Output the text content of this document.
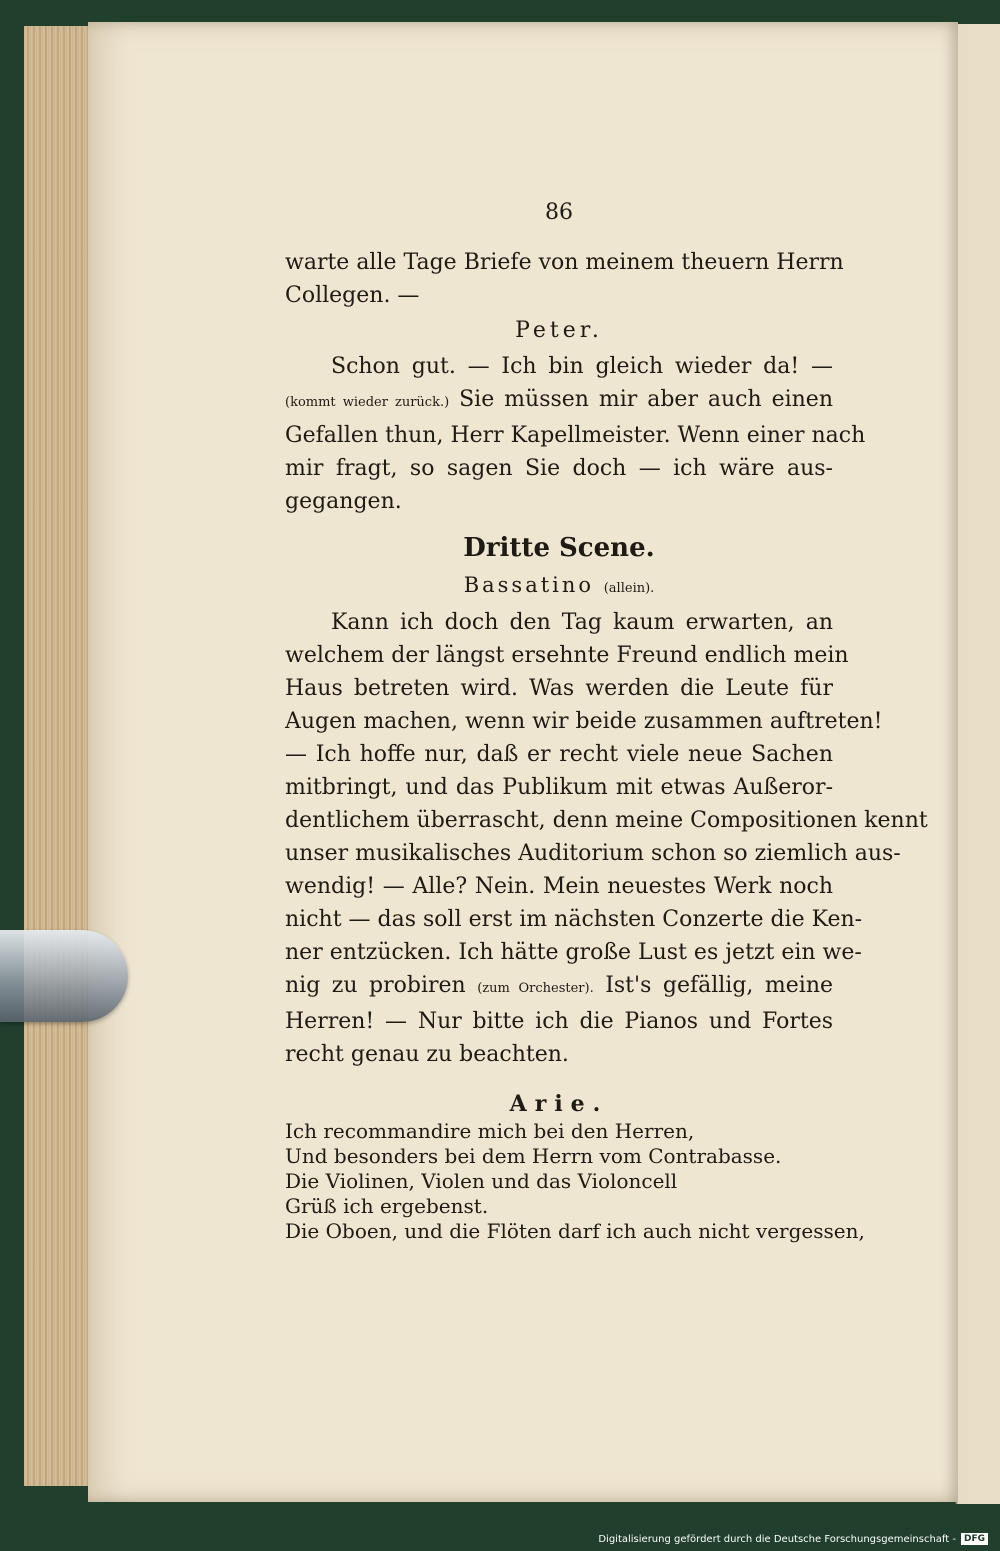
86
warte alle Tage Briefe von meinem theuern Herrn
Collegen. —
Peter.
Schon gut. — Ich bin gleich wieder da! —
(kommt wieder zurück.) Sie müssen mir aber auch einen
Gefallen thun, Herr Kapellmeister. Wenn einer nach
mir fragt, so sagen Sie doch — ich wäre aus-
gegangen.
Dritte Scene.
Bassatino (allein).
Kann ich doch den Tag kaum erwarten, an
welchem der längst ersehnte Freund endlich mein
Haus betreten wird. Was werden die Leute für
Augen machen, wenn wir beide zusammen auftreten!
— Ich hoffe nur, daß er recht viele neue Sachen
mitbringt, und das Publikum mit etwas Außeror-
dentlichem überrascht, denn meine Compositionen kennt
unser musikalisches Auditorium schon so ziemlich aus-
wendig! — Alle? Nein. Mein neuestes Werk noch
nicht — das soll erst im nächsten Conzerte die Ken-
ner entzücken. Ich hätte große Lust es jetzt ein we-
nig zu probiren (zum Orchester). Ist's gefällig, meine
Herren! — Nur bitte ich die Pianos und Fortes
recht genau zu beachten.
Arie.
Ich recommandire mich bei den Herren,
Und besonders bei dem Herrn vom Contrabasse.
Die Violinen, Violen und das Violoncell
Grüß ich ergebenst.
Die Oboen, und die Flöten darf ich auch nicht vergessen,
Digitalisierung gefördert durch die Deutsche Forschungsgemeinschaft - DFG
